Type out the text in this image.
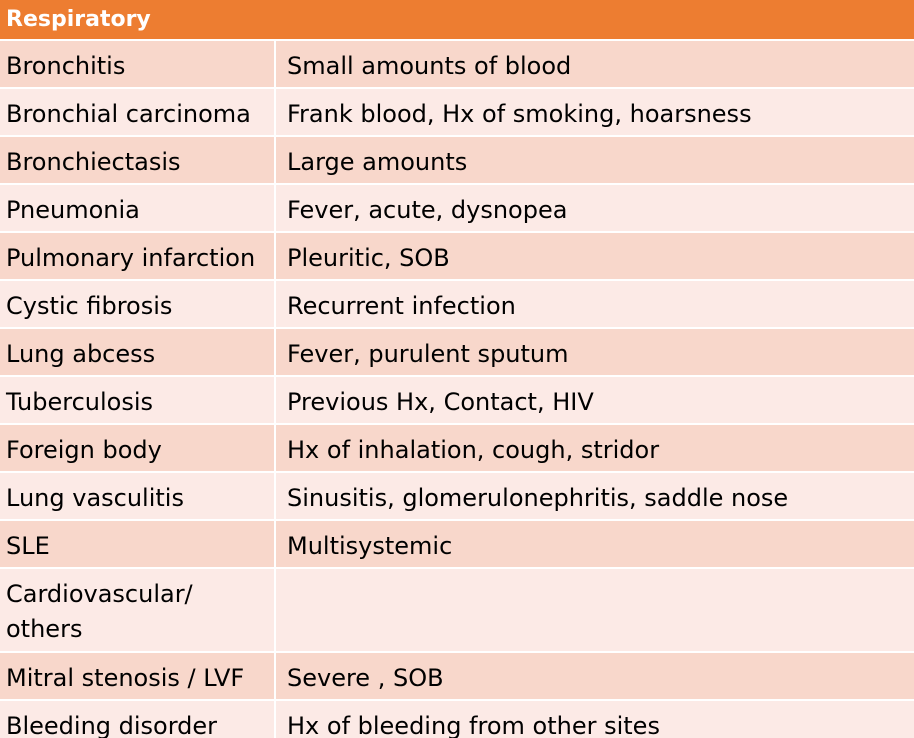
Respiratory
Bronchitis	Small amounts of blood
Bronchial carcinoma	Frank blood, Hx of smoking, hoarsness
Bronchiectasis	Large amounts
Pneumonia	Fever, acute, dysnopea
Pulmonary infarction	Pleuritic, SOB
Cystic fibrosis	Recurrent infection
Lung abcess	Fever, purulent sputum
Tuberculosis	Previous Hx, Contact, HIV
Foreign body	Hx of inhalation, cough, stridor
Lung vasculitis	Sinusitis, glomerulonephritis, saddle nose
SLE	Multisystemic
Cardiovascular/ others
Mitral stenosis / LVF	Severe , SOB
Bleeding disorder	Hx of bleeding from other sites
